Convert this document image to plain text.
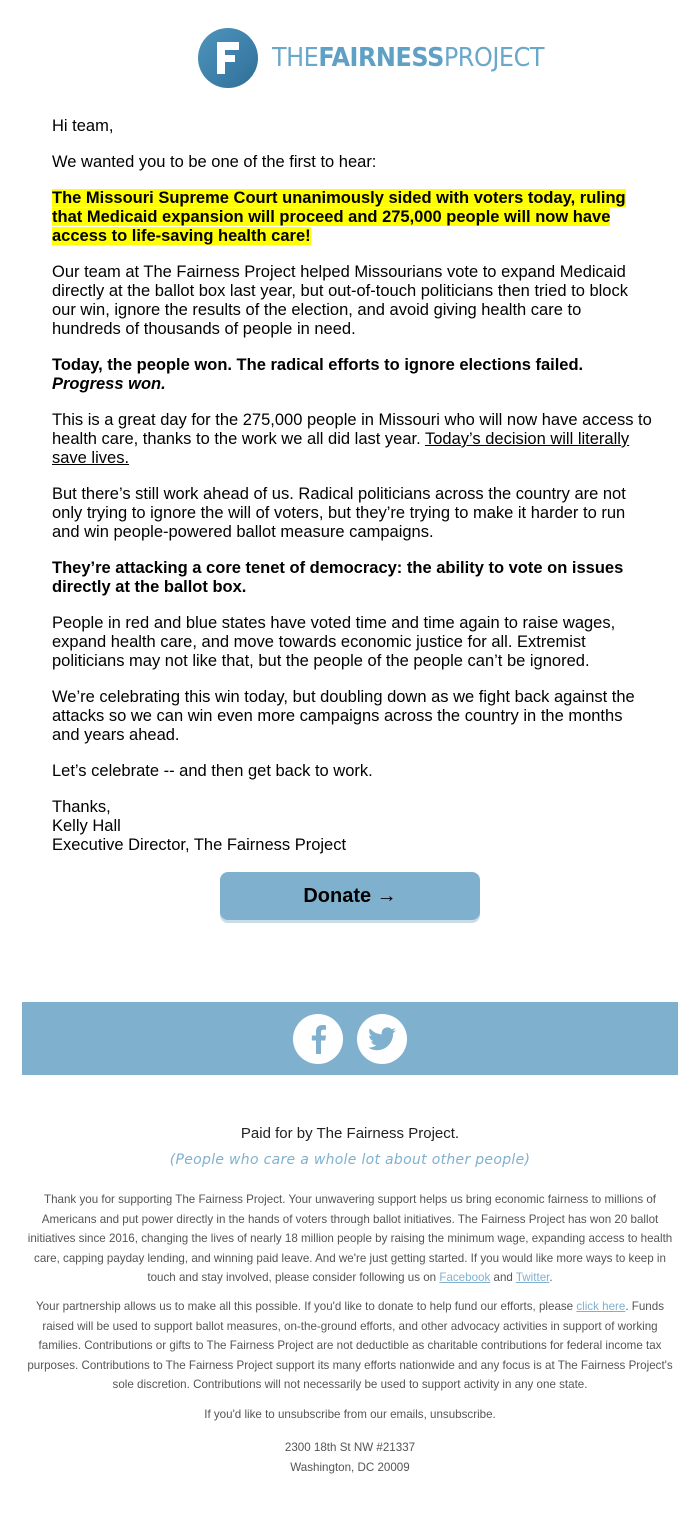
THEFAIRNESSPROJECT

Hi team,

We wanted you to be one of the first to hear:

The Missouri Supreme Court unanimously sided with voters today, ruling that Medicaid expansion will proceed and 275,000 people will now have access to life-saving health care!

Our team at The Fairness Project helped Missourians vote to expand Medicaid directly at the ballot box last year, but out-of-touch politicians then tried to block our win, ignore the results of the election, and avoid giving health care to hundreds of thousands of people in need.

Today, the people won. The radical efforts to ignore elections failed.
Progress won.

This is a great day for the 275,000 people in Missouri who will now have access to health care, thanks to the work we all did last year. Today’s decision will literally save lives.

But there’s still work ahead of us. Radical politicians across the country are not only trying to ignore the will of voters, but they’re trying to make it harder to run and win people-powered ballot measure campaigns.

They’re attacking a core tenet of democracy: the ability to vote on issues directly at the ballot box.

People in red and blue states have voted time and time again to raise wages, expand health care, and move towards economic justice for all. Extremist politicians may not like that, but the people of the people can’t be ignored.

We’re celebrating this win today, but doubling down as we fight back against the attacks so we can win even more campaigns across the country in the months and years ahead.

Let’s celebrate -- and then get back to work.

Thanks,
Kelly Hall
Executive Director, The Fairness Project

Donate →
Paid for by The Fairness Project.
(People who care a whole lot about other people)

Thank you for supporting The Fairness Project. Your unwavering support helps us bring economic fairness to millions of Americans and put power directly in the hands of voters through ballot initiatives. The Fairness Project has won 20 ballot initiatives since 2016, changing the lives of nearly 18 million people by raising the minimum wage, expanding access to health care, capping payday lending, and winning paid leave. And we're just getting started. If you would like more ways to keep in touch and stay involved, please consider following us on Facebook and Twitter.

Your partnership allows us to make all this possible. If you'd like to donate to help fund our efforts, please click here. Funds raised will be used to support ballot measures, on-the-ground efforts, and other advocacy activities in support of working families. Contributions or gifts to The Fairness Project are not deductible as charitable contributions for federal income tax purposes. Contributions to The Fairness Project support its many efforts nationwide and any focus is at The Fairness Project's sole discretion. Contributions will not necessarily be used to support activity in any one state.

If you'd like to unsubscribe from our emails, unsubscribe.

2300 18th St NW #21337
Washington, DC 20009
